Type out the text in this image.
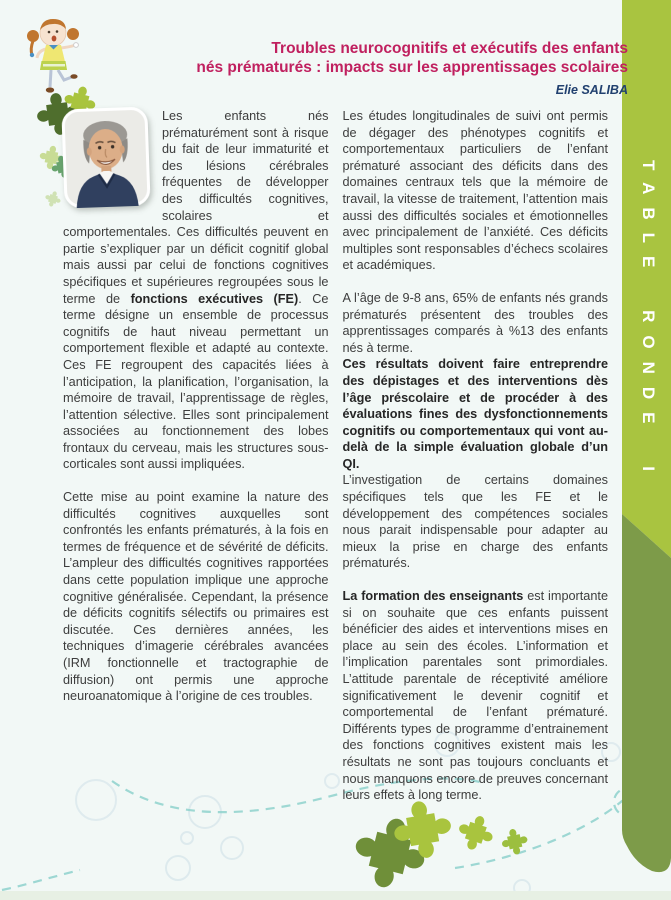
TABLE RONDE I
Troubles neurocognitifs et exécutifs des enfants
nés prématurés : impacts sur les apprentissages scolaires
Elie SALIBA

Les enfants nés prématurément sont à risque du fait de leur immaturité et des lésions cérébrales fréquentes de développer des difficultés cognitives, scolaires et comportementales. Ces difficultés peuvent en partie s’expliquer par un déficit cognitif global mais aussi par celui de fonctions cognitives spécifiques et supérieures regroupées sous le terme de fonctions exécutives (FE). Ce terme désigne un ensemble de processus cognitifs de haut niveau permettant un comportement flexible et adapté au contexte. Ces FE regroupent des capacités liées à l’anticipation, la planification, l’organisation, la mémoire de travail, l’apprentissage de règles, l’attention sélective. Elles sont principalement associées au fonctionnement des lobes frontaux du cerveau, mais les structures sous-corticales sont aussi impliquées.

Cette mise au point examine la nature des difficultés cognitives auxquelles sont confrontés les enfants prématurés, à la fois en termes de fréquence et de sévérité de déficits. L’ampleur des difficultés cognitives rapportées dans cette population implique une approche cognitive généralisée. Cependant, la présence de déficits cognitifs sélectifs ou primaires est discutée. Ces dernières années, les techniques d’imagerie cérébrales avancées (IRM fonctionnelle et tractographie de diffusion) ont permis une approche neuroanatomique à l’origine de ces troubles.

Les études longitudinales de suivi ont permis de dégager des phénotypes cognitifs et comportementaux particuliers de l’enfant prématuré associant des déficits dans des domaines centraux tels que la mémoire de travail, la vitesse de traitement, l’attention mais aussi des difficultés sociales et émotionnelles avec principalement de l’anxiété. Ces déficits multiples sont responsables d’échecs scolaires et académiques.

A l’âge de 9-8 ans, 65% de enfants nés grands prématurés présentent des troubles des apprentissages comparés à %13 des enfants nés à terme.

Ces résultats doivent faire entreprendre des dépistages et des interventions dès l’âge préscolaire et de procéder à des évaluations fines des dysfonctionnements cognitifs ou comportementaux qui vont au-delà de la simple évaluation globale d’un QI.

L’investigation de certains domaines spécifiques tels que les FE et le développement des compétences sociales nous parait indispensable pour adapter au mieux la prise en charge des enfants prématurés.

La formation des enseignants est importante si on souhaite que ces enfants puissent bénéficier des aides et interventions mises en place au sein des écoles. L’information et l’implication parentales sont primordiales. L’attitude parentale de réceptivité améliore significativement le devenir cognitif et comportemental de l’enfant prématuré. Différents types de programme d’entrainement des fonctions cognitives existent mais les résultats ne sont pas toujours concluants et nous manquons encore de preuves concernant leurs effets à long terme.
